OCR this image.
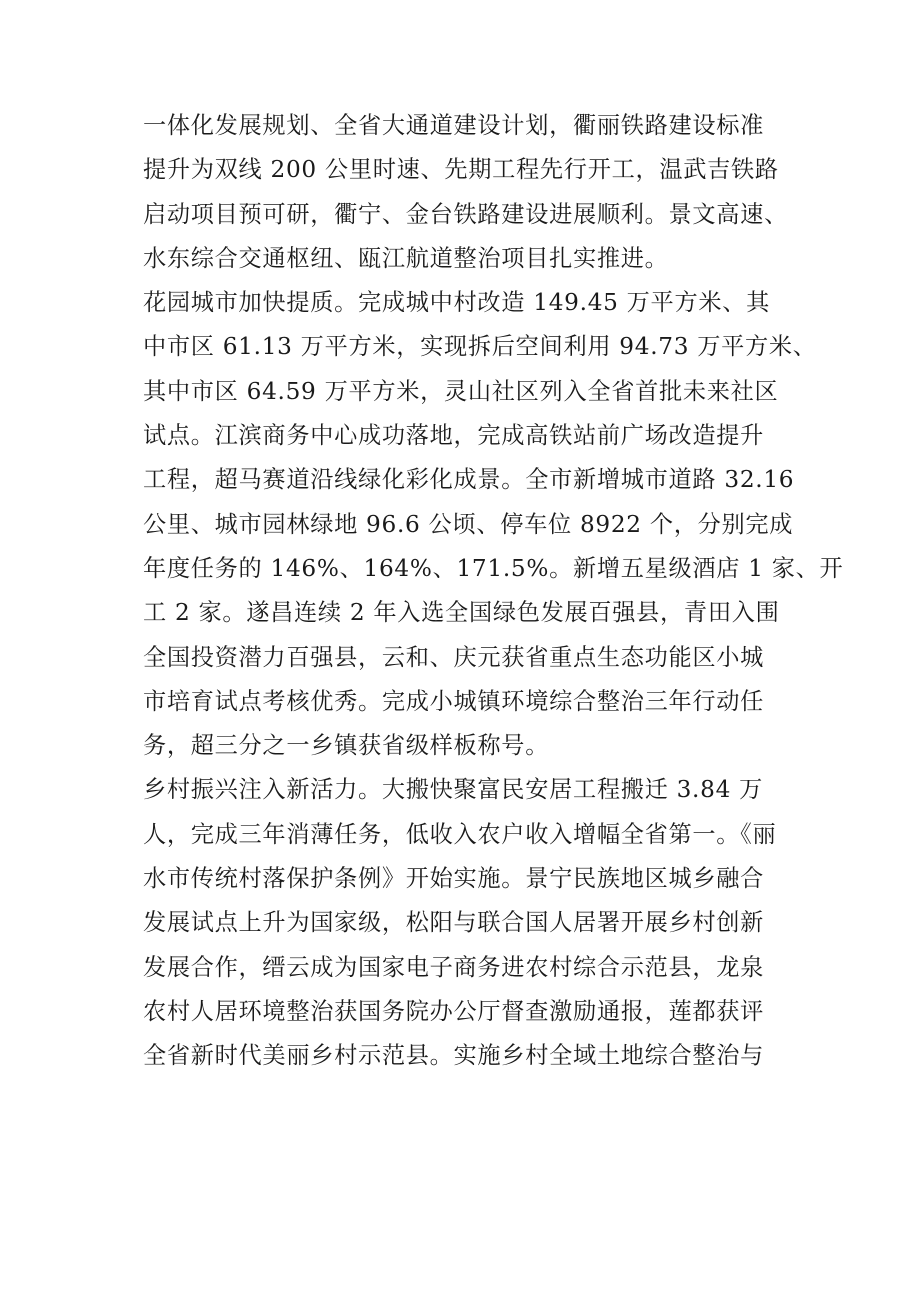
一体化发展规划、全省大通道建设计划，衢丽铁路建设标准
提升为双线 200 公里时速、先期工程先行开工，温武吉铁路
启动项目预可研，衢宁、金台铁路建设进展顺利。景文高速、
水东综合交通枢纽、瓯江航道整治项目扎实推进。

花园城市加快提质。完成城中村改造 149.45 万平方米、其
中市区 61.13 万平方米，实现拆后空间利用 94.73 万平方米、
其中市区 64.59 万平方米，灵山社区列入全省首批未来社区
试点。江滨商务中心成功落地，完成高铁站前广场改造提升
工程，超马赛道沿线绿化彩化成景。全市新增城市道路 32.16
公里、城市园林绿地 96.6 公顷、停车位 8922 个，分别完成
年度任务的 146%、164%、171.5%。新增五星级酒店 1 家、开
工 2 家。遂昌连续 2 年入选全国绿色发展百强县，青田入围
全国投资潜力百强县，云和、庆元获省重点生态功能区小城
市培育试点考核优秀。完成小城镇环境综合整治三年行动任
务，超三分之一乡镇获省级样板称号。

乡村振兴注入新活力。大搬快聚富民安居工程搬迁 3.84 万
人，完成三年消薄任务，低收入农户收入增幅全省第一。《丽
水市传统村落保护条例》开始实施。景宁民族地区城乡融合
发展试点上升为国家级，松阳与联合国人居署开展乡村创新
发展合作，缙云成为国家电子商务进农村综合示范县，龙泉
农村人居环境整治获国务院办公厅督查激励通报，莲都获评
全省新时代美丽乡村示范县。实施乡村全域土地综合整治与
